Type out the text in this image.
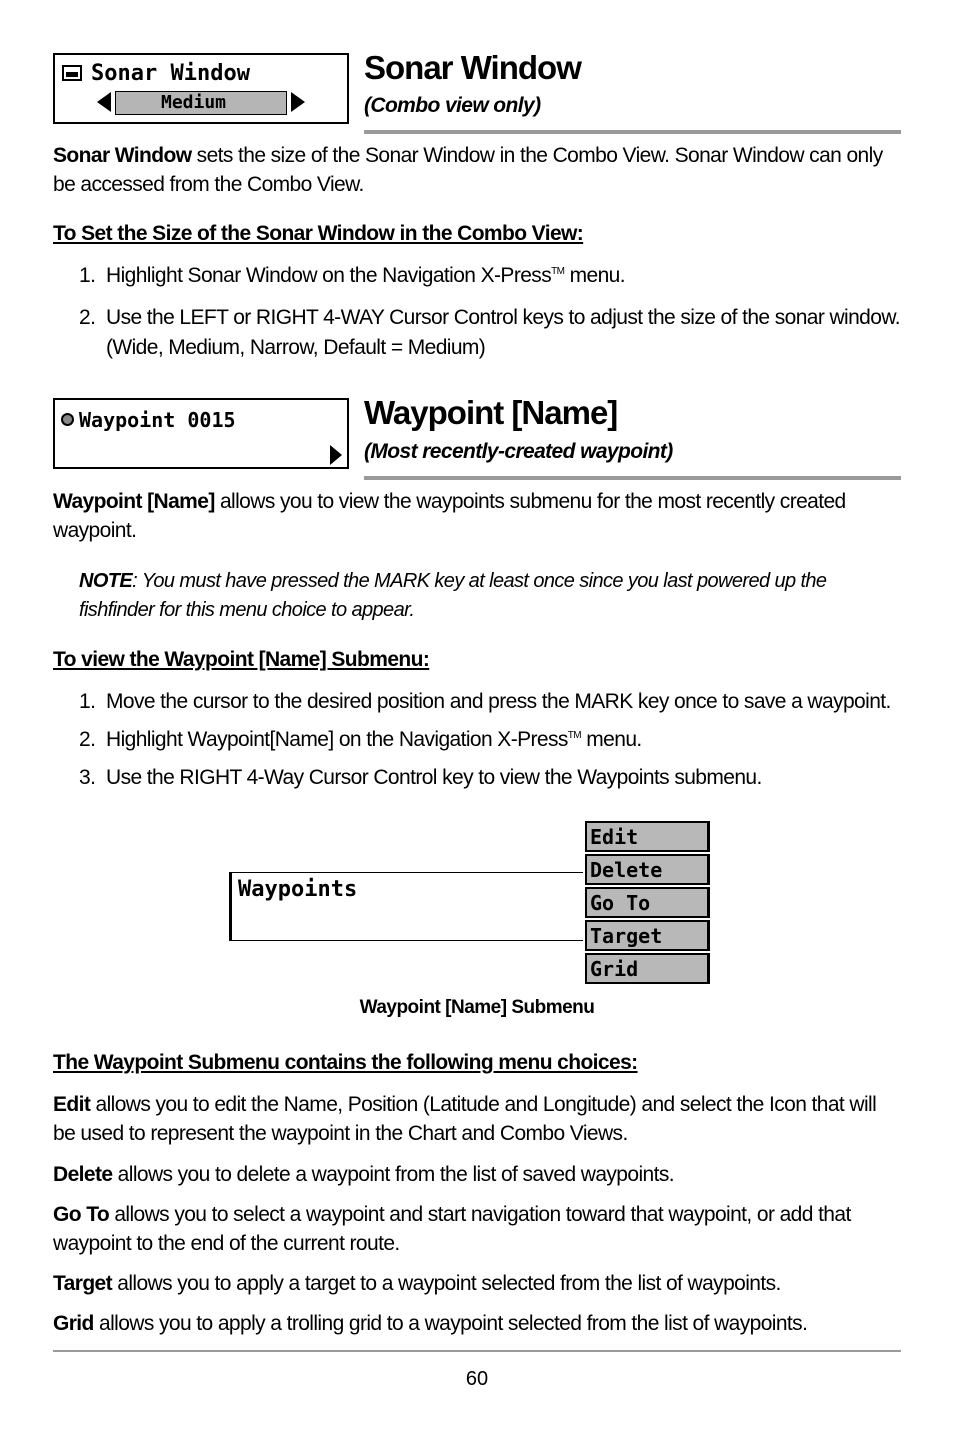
Sonar Window
Medium
Sonar Window
(Combo view only)
Sonar Window sets the size of the Sonar Window in the Combo View. Sonar Window can only be accessed from the Combo View.
To Set the Size of the Sonar Window in the Combo View:
1. Highlight Sonar Window on the Navigation X-Press™ menu.
2. Use the LEFT or RIGHT 4-WAY Cursor Control keys to adjust the size of the sonar window.
(Wide, Medium, Narrow, Default = Medium)
Waypoint 0015	Waypoint [Name]
(Most recently-created waypoint)
Waypoint [Name] allows you to view the waypoints submenu for the most recently created waypoint.
NOTE: You must have pressed the MARK key at least once since you last powered up the fishfinder for this menu choice to appear.
To view the Waypoint [Name] Submenu:
1. Move the cursor to the desired position and press the MARK key once to save a waypoint.
2. Highlight Waypoint[Name] on the Navigation X-Press™ menu.
3. Use the RIGHT 4-Way Cursor Control key to view the Waypoints submenu.
Waypoints
Edit
Delete
Go To
Target
Grid
Waypoint [Name] Submenu
The Waypoint Submenu contains the following menu choices:
Edit allows you to edit the Name, Position (Latitude and Longitude) and select the Icon that will be used to represent the waypoint in the Chart and Combo Views.
Delete allows you to delete a waypoint from the list of saved waypoints.
Go To allows you to select a waypoint and start navigation toward that waypoint, or add that waypoint to the end of the current route.
Target allows you to apply a target to a waypoint selected from the list of waypoints.
Grid allows you to apply a trolling grid to a waypoint selected from the list of waypoints.
60
